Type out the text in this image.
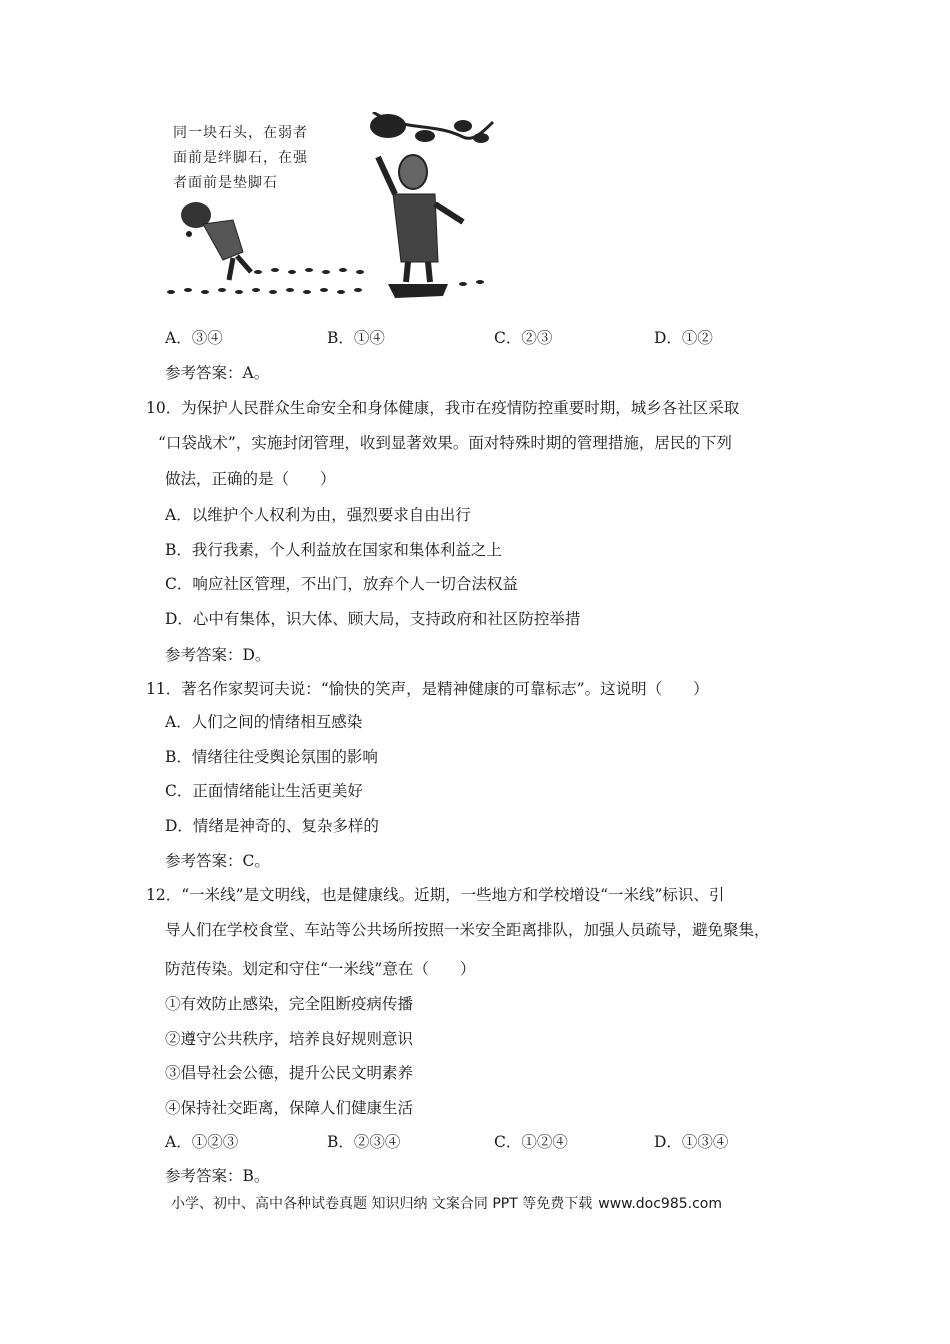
同一块石头，在弱者
面前是绊脚石，在强
者面前是垫脚石
A．③④	B．①④	C．②③	D．①②
参考答案：A。
10．为保护人民群众生命安全和身体健康，我市在疫情防控重要时期，城乡各社区采取
“口袋战术”，实施封闭管理，收到显著效果。面对特殊时期的管理措施，居民的下列
做法，正确的是（　　）
A．以维护个人权利为由，强烈要求自由出行
B．我行我素，个人利益放在国家和集体利益之上
C．响应社区管理，不出门，放弃个人一切合法权益
D．心中有集体，识大体、顾大局，支持政府和社区防控举措
参考答案：D。
11．著名作家契诃夫说：“愉快的笑声，是精神健康的可靠标志”。这说明（　　）
A．人们之间的情绪相互感染
B．情绪往往受舆论氛围的影响
C．正面情绪能让生活更美好
D．情绪是神奇的、复杂多样的
参考答案：C。
12．“一米线”是文明线，也是健康线。近期，一些地方和学校增设“一米线”标识、引
导人们在学校食堂、车站等公共场所按照一米安全距离排队，加强人员疏导，避免聚集，
防范传染。划定和守住“一米线”意在（　　）
①有效防止感染，完全阻断疫病传播
②遵守公共秩序，培养良好规则意识
③倡导社会公德，提升公民文明素养
④保持社交距离，保障人们健康生活
A．①②③	B．②③④	C．①②④	D．①③④
参考答案：B。
小学、初中、高中各种试卷真题 知识归纳 文案合同 PPT 等免费下载 www.doc985.com
